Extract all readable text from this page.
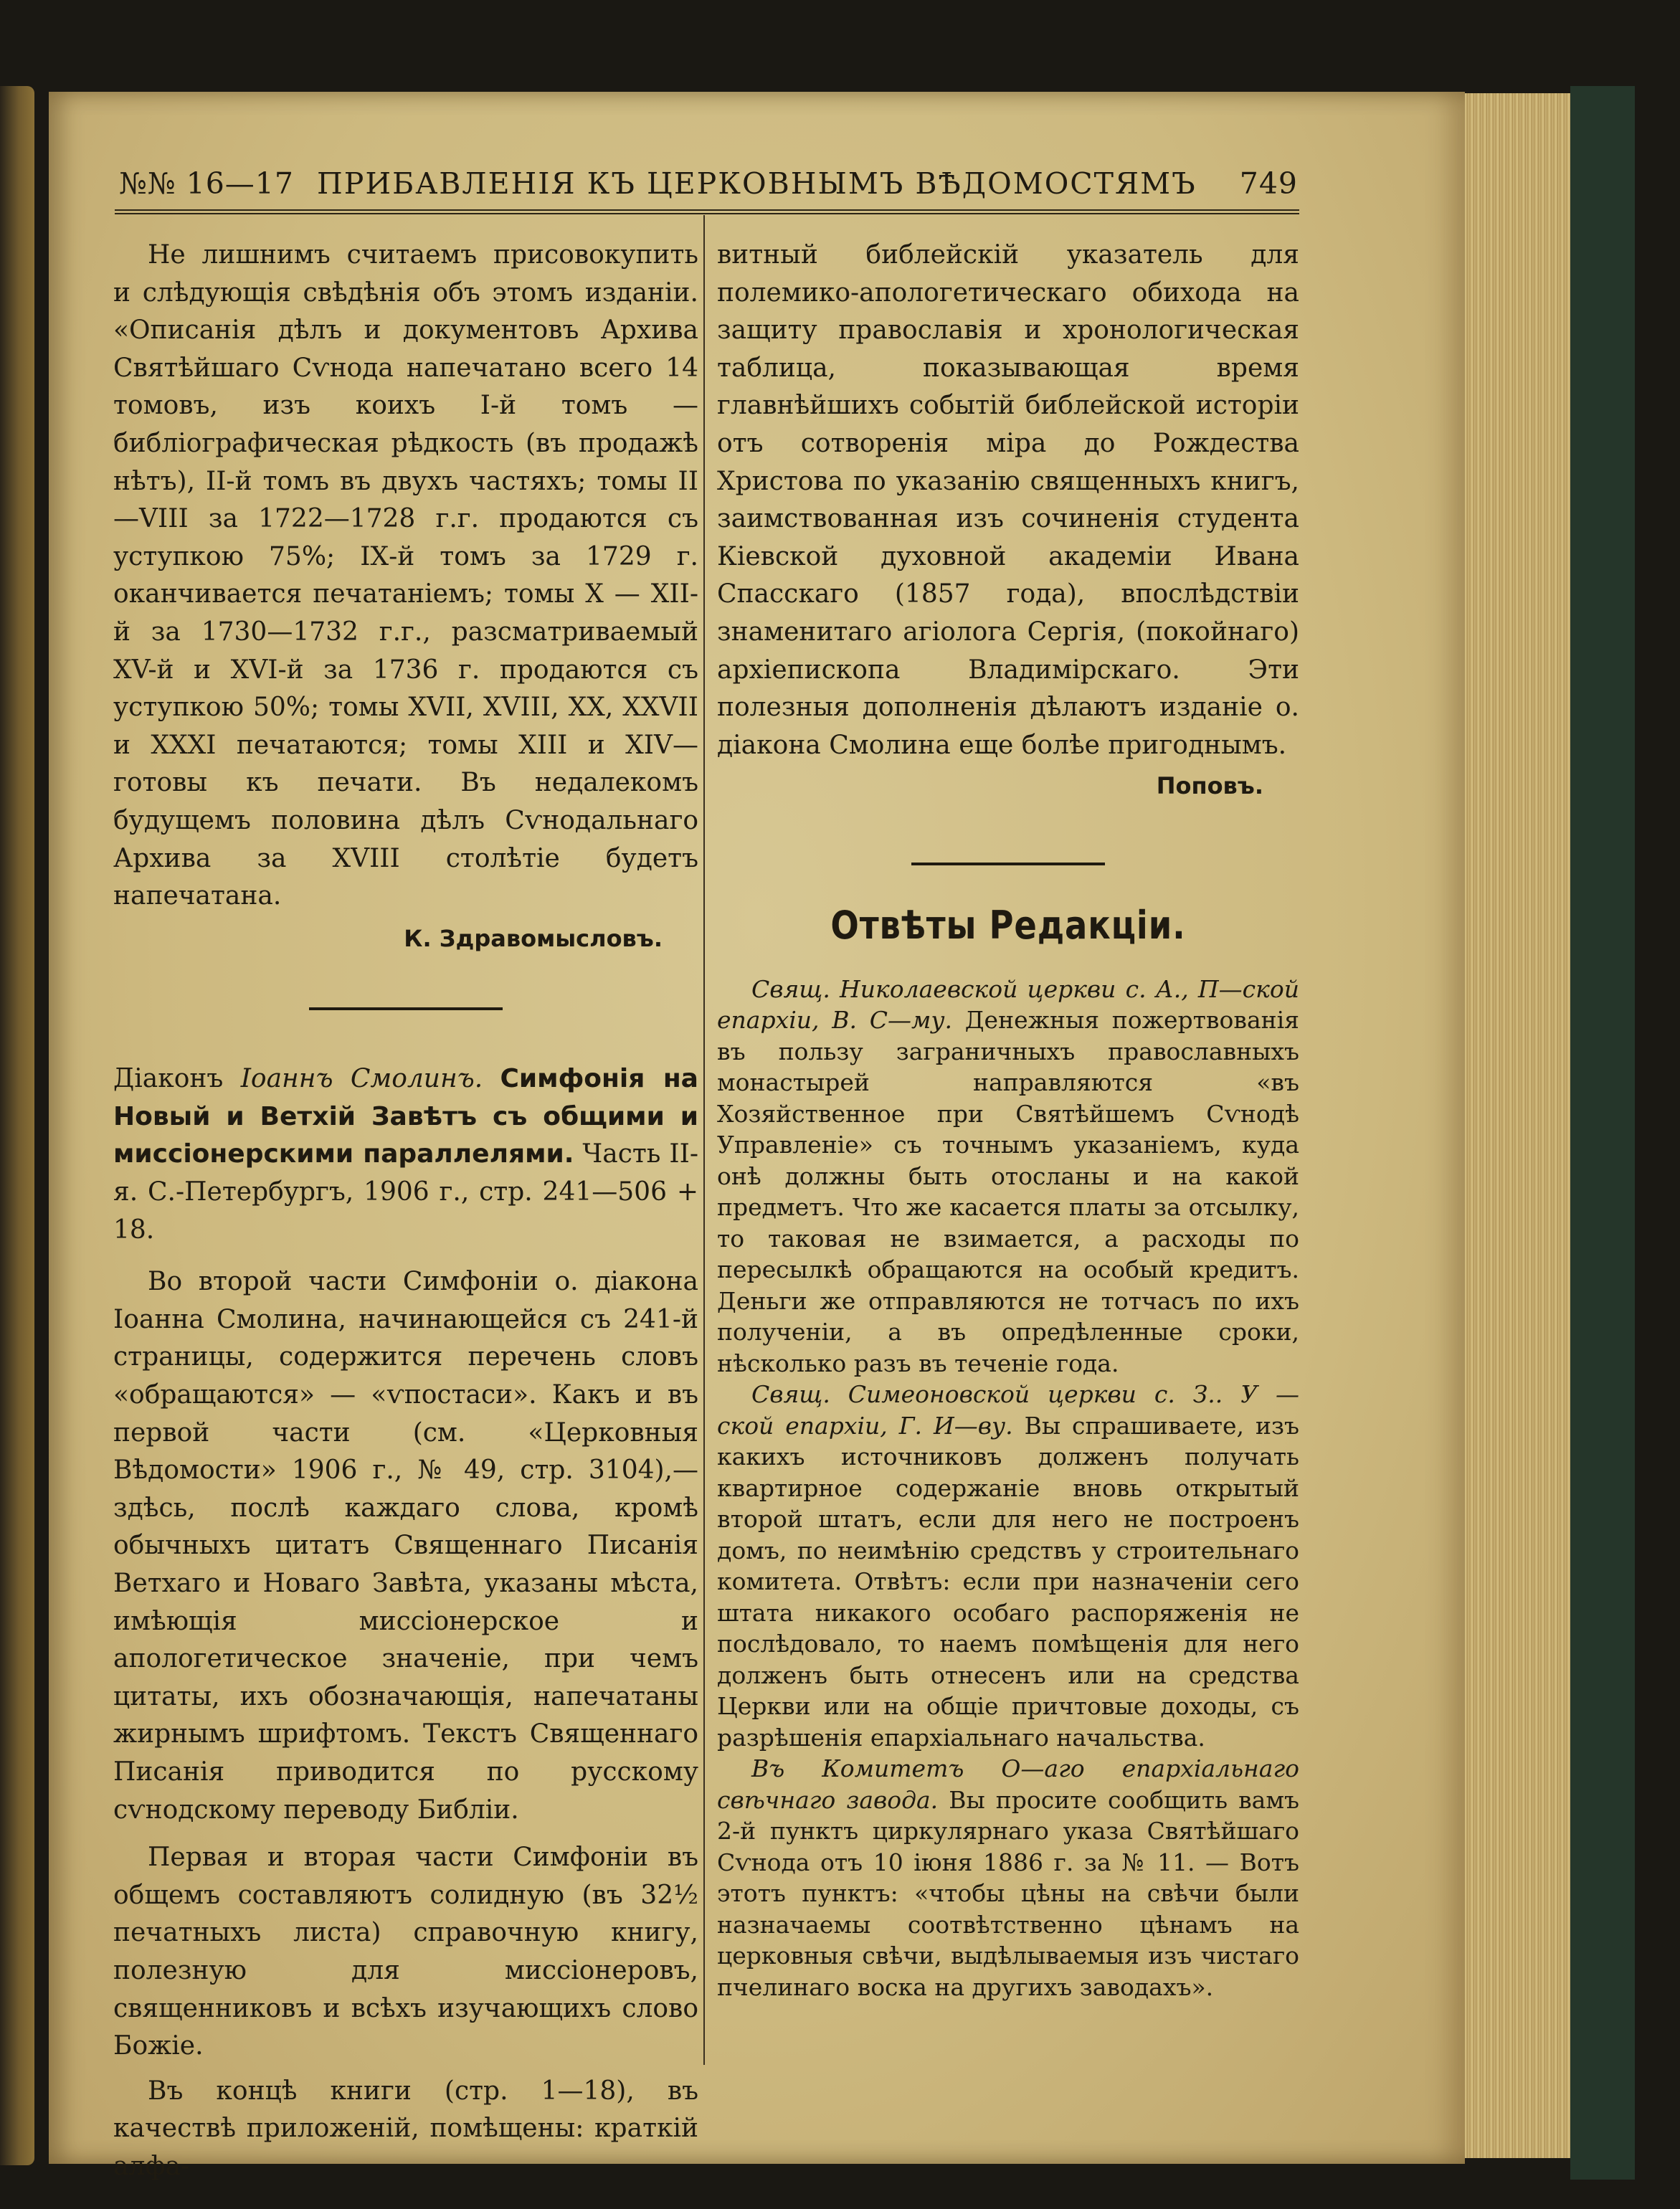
№№ 16—17 ПРИБАВЛЕНІЯ КЪ ЦЕРКОВНЫМЪ ВѢДОМОСТЯМЪ 749

Не лишнимъ считаемъ присовокупить и слѣдующія свѣдѣнія объ этомъ изданіи. «Описанія дѣлъ и документовъ Архива Святѣйшаго Сѵнода напечатано всего 14 томовъ, изъ коихъ І-й томъ — библіографическая рѣдкость (въ продажѣ нѣтъ), ІІ-й томъ въ двухъ частяхъ; томы ІІ—VІІІ за 1722—1728 г.г. продаются съ уступкою 75%; ІХ-й томъ за 1729 г. оканчивается печатаніемъ; томы Х — ХІІ-й за 1730—1732 г.г., разсматриваемый XV-й и XVІ-й за 1736 г. продаются съ уступкою 50%; томы XVІІ, XVІІІ, ХХ, XXVІІ и XXXI печатаются; томы XIII и XIV— готовы къ печати. Въ недалекомъ будущемъ половина дѣлъ Сѵнодальнаго Архива за XVIII столѣтіе будетъ напечатана.

К. Здравомысловъ.

Діаконъ Іоаннъ Смолинъ. Симфонія на Новый и Ветхій Завѣтъ съ общими и миссіонерскими параллелями. Часть ІІ-я. С.-Петербургъ, 1906 г., стр. 241—506 + 18.

Во второй части Симфоніи о. діакона Іоанна Смолина, начинающейся съ 241-й страницы, содержится перечень словъ «обращаются» — «ѵпостаси». Какъ и въ первой части (см. «Церковныя Вѣдомости» 1906 г., № 49, стр. 3104),—здѣсь, послѣ каждаго слова, кромѣ обычныхъ цитатъ Священнаго Писанія Ветхаго и Новаго Завѣта, указаны мѣста, имѣющія миссіонерское и апологетическое значеніе, при чемъ цитаты, ихъ обозначающія, напечатаны жирнымъ шрифтомъ. Текстъ Священнаго Писанія приводится по русскому сѵнодскому переводу Библіи.

Первая и вторая части Симфоніи въ общемъ составляютъ солидную (въ 32½ печатныхъ листа) справочную книгу, полезную для миссіонеровъ, священниковъ и всѣхъ изучающихъ слово Божіе.

Въ концѣ книги (стр. 1—18), въ качествѣ приложеній, помѣщены: краткій алфа-

витный библейскій указатель для полемико-апологетическаго обихода на защиту православія и хронологическая таблица, показывающая время главнѣйшихъ событій библейской исторіи отъ сотворенія міра до Рождества Христова по указанію священныхъ книгъ, заимствованная изъ сочиненія студента Кіевской духовной академіи Ивана Спасскаго (1857 года), впослѣдствіи знаменитаго агіолога Сергія, (покойнаго) архіепископа Владимірскаго. Эти полезныя дополненія дѣлаютъ изданіе о. діакона Смолина еще болѣе пригоднымъ.

Поповъ.

Отвѣты Редакціи.

Свящ. Николаевской церкви с. А., П—ской епархіи, В. С—му. Денежныя пожертвованія въ пользу заграничныхъ православныхъ монастырей направляются «въ Хозяйственное при Святѣйшемъ Сѵнодѣ Управленіе» съ точнымъ указаніемъ, куда онѣ должны быть отосланы и на какой предметъ. Что же касается платы за отсылку, то таковая не взимается, а расходы по пересылкѣ обращаются на особый кредитъ. Деньги же отправляются не тотчасъ по ихъ полученіи, а въ опредѣленные сроки, нѣсколько разъ въ теченіе года.

Свящ. Симеоновской церкви с. З.. У — ской епархіи, Г. И—ву. Вы спрашиваете, изъ какихъ источниковъ долженъ получать квартирное содержаніе вновь открытый второй штатъ, если для него не построенъ домъ, по неимѣнію средствъ у строительнаго комитета. Отвѣтъ: если при назначеніи сего штата никакого особаго распоряженія не послѣдовало, то наемъ помѣщенія для него долженъ быть отнесенъ или на средства Церкви или на общіе причтовые доходы, съ разрѣшенія епархіальнаго начальства.

Въ Комитетъ О—аго епархіальнаго свѣчнаго завода. Вы просите сообщить вамъ 2-й пунктъ циркулярнаго указа Святѣйшаго Сѵнода отъ 10 іюня 1886 г. за № 11. — Вотъ этотъ пунктъ: «чтобы цѣны на свѣчи были назначаемы соотвѣтственно цѣнамъ на церковныя свѣчи, выдѣлываемыя изъ чистаго пчелинаго воска на другихъ заводахъ».
